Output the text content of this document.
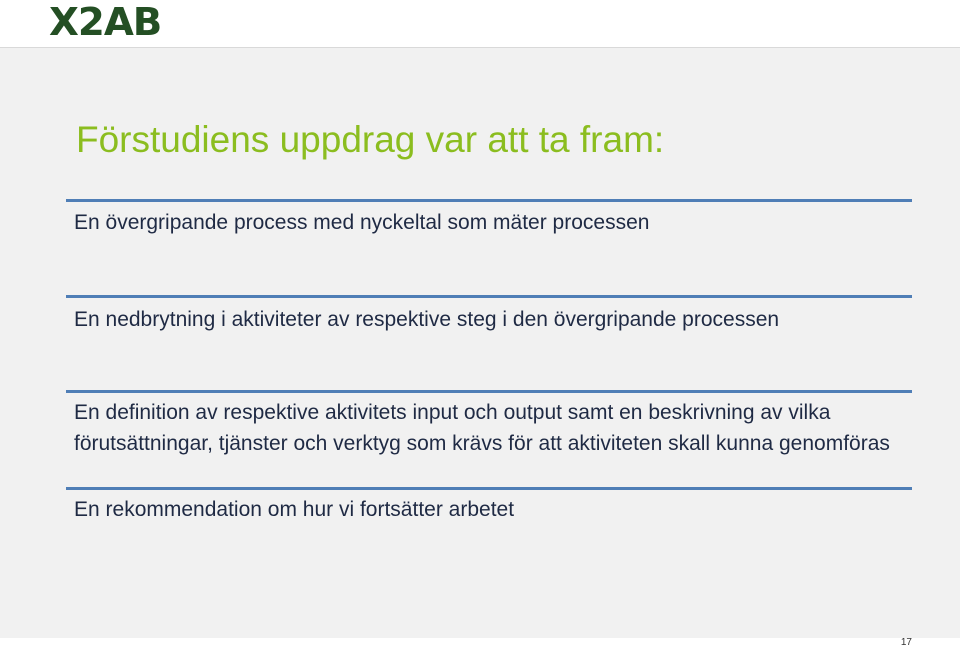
X2AB
Förstudiens uppdrag var att ta fram:

En övergripande process med nyckeltal som mäter processen

En nedbrytning i aktiviteter av respektive steg i den övergripande processen

En definition av respektive aktivitets input och output samt en beskrivning av vilka förutsättningar, tjänster och verktyg som krävs för att aktiviteten skall kunna genomföras

En rekommendation om hur vi fortsätter arbetet

17
